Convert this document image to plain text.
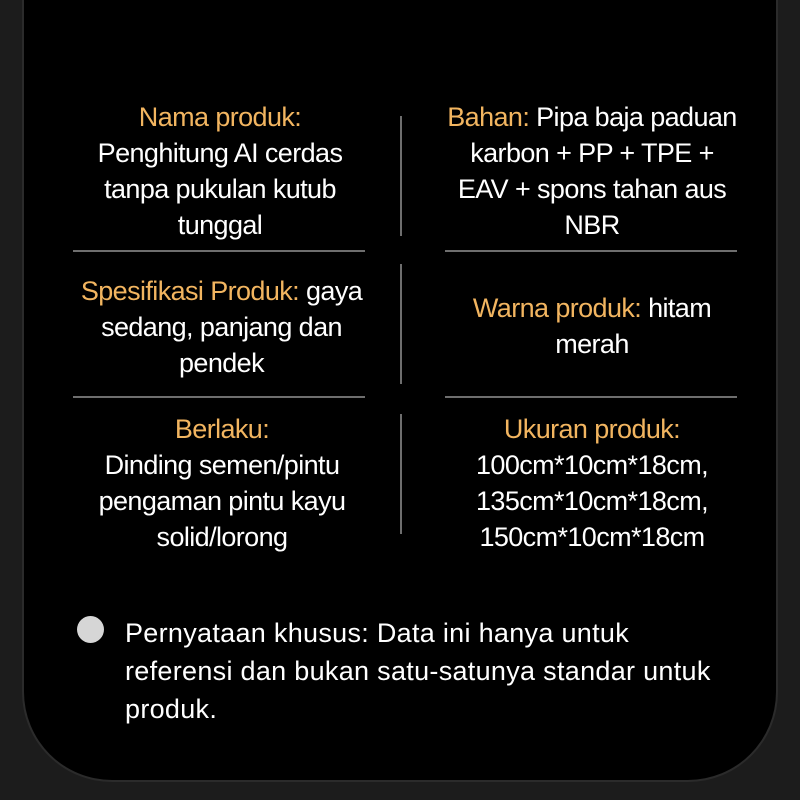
Nama produk:
Penghitung AI cerdas tanpa pukulan kutub tunggal
Bahan: Pipa baja paduan karbon + PP + TPE + EAV + spons tahan aus NBR
Spesifikasi Produk: gaya sedang, panjang dan pendek
Warna produk: hitam merah
Berlaku:
Dinding semen/pintu pengaman pintu kayu solid/lorong
Ukuran produk:
100cm*10cm*18cm, 135cm*10cm*18cm, 150cm*10cm*18cm
Pernyataan khusus: Data ini hanya untuk referensi dan bukan satu-satunya standar untuk produk.
